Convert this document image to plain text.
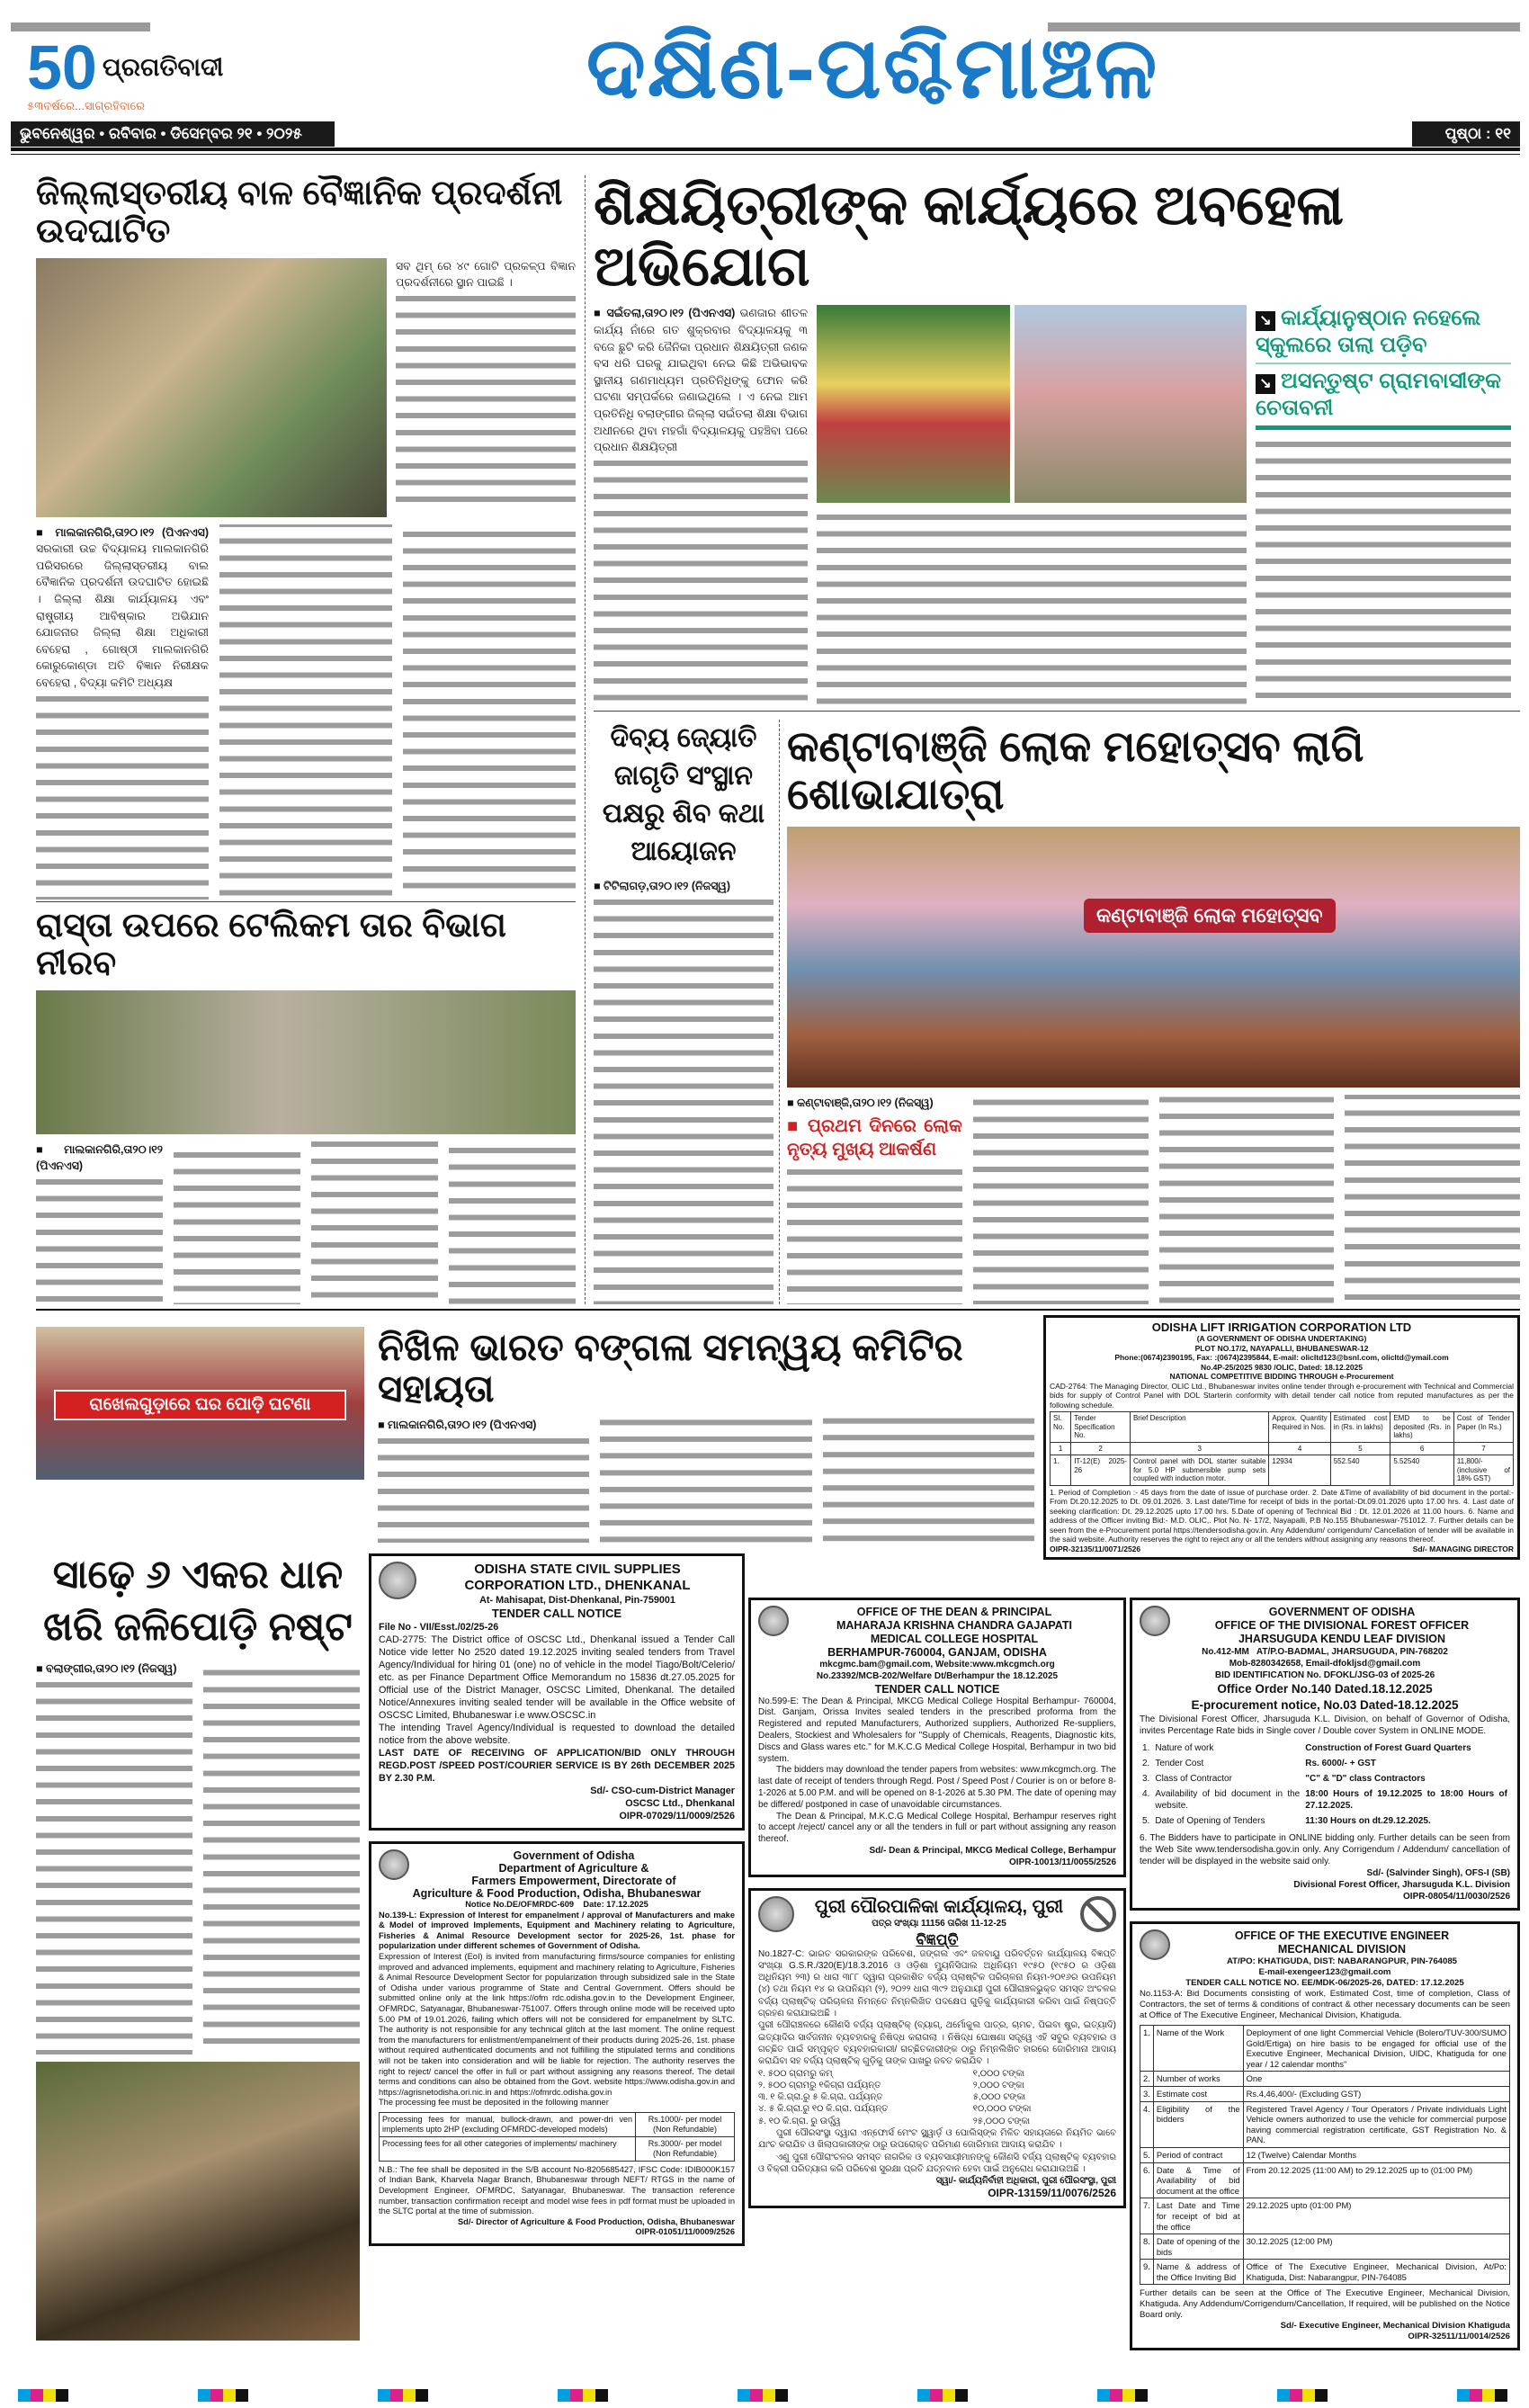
50 ପ୍ରଗତିବାଦୀ
୫୩ବର୍ଷରେ...ସାଗ୍ରହିବାରେ	ଦକ୍ଷିଣ-ପଶ୍ଚିମାଞ୍ଚଳ
ଭୁବନେଶ୍ୱର • ରବିବାର • ଡିସେମ୍ବର ୨୧ • ୨୦୨୫	ପୃଷ୍ଠା : ୧୧
ଜିଲ୍ଲାସ୍ତରୀୟ ବାଳ ବୈଜ୍ଞାନିକ ପ୍ରଦର୍ଶନୀ ଉଦଘାଟିତ
ସବ ଥିମ୍ ରେ ୪୯ ଗୋଟି ପ୍ରକଳ୍ପ ବିଜ୍ଞାନ ପ୍ରଦର୍ଶନୀରେ ସ୍ଥାନ ପାଇଛି ।
■ ମାଲକାନଗିରି,ତା୨୦।୧୨ (ପିଏନଏସ) ସରକାରୀ ଉଚ୍ଚ ବିଦ୍ୟାଳୟ ମାଲକାନଗିରି ପରିସରରେ ଜିଲ୍ଲାସ୍ତରୀୟ ବାଲ ବୈଜ୍ଞାନିକ ପ୍ରଦର୍ଶନୀ ଉଦଘାଟିତ ହୋଇଛି । ଜିଲ୍ଲା ଶିକ୍ଷା କାର୍ଯ୍ୟାଳୟ ଏବଂ ରାଷ୍ଟ୍ରୀୟ ଆବିଷ୍କାର ଅଭିଯାନ ଯୋଜନାର ଜିଲ୍ଲା ଶିକ୍ଷା ଅଧିକାରୀ ବେହେରା , ଗୋଷ୍ଠୀ ମାଲକାନଗିରି କୋରୁକୋଣ୍ଡା ଅତି ବିଜ୍ଞାନ ନିରୀକ୍ଷକ ବେହେରା , ବିଦ୍ୟା କମିଟି ଅଧ୍ୟକ୍ଷ
ରାସ୍ତା ଉପରେ ଟେଲିକମ ତାର ବିଭାଗ ନୀରବ
■ ମାଲକାନଗିରି,ତା୨୦।୧୨ (ପିଏନଏସ)
ଶିକ୍ଷୟିତ୍ରୀଙ୍କ କାର୍ଯ୍ୟରେ ଅବହେଳା ଅଭିଯୋଗ
■ ସଇଁତଲା,ତା୨୦।୧୨ (ପିଏନଏସ) ଭଣଜାର ଶୀତଳ କାର୍ଯ୍ୟ ନାଁରେ ଗତ ଶୁକ୍ରବାର ବିଦ୍ୟାଳୟକୁ ୩ ବଜେ ଛୁଟି କରି ଜୈନିକା ପ୍ରଧାନ ଶିକ୍ଷୟିତ୍ରୀ ଜଣକ ବସ ଧରି ଘରକୁ ଯାଇଥିବା ନେଇ କିଛି ଅଭିଭାବକ ସ୍ଥାନୀୟ ଗଣମାଧ୍ୟମ ପ୍ରତିନିଧିଙ୍କୁ ଫୋନ କରି ଘଟଣା ସମ୍ପର୍କରେ ଜଣାଇଥିଲେ । ଏ ନେଇ ଆମ ପ୍ରତିନିଧି ବଲାଙ୍ଗୀର ଜିଲ୍ଲା ସଇଁତଲା ଶିକ୍ଷା ବିଭାଗ ଅଧୀନରେ ଥିବା ମହଗାଁ ବିଦ୍ୟାଳୟକୁ ପହଞ୍ଚିବା ପରେ ପ୍ରଧାନ ଶିକ୍ଷୟିତ୍ରୀ
↘ କାର୍ଯ୍ୟାନୁଷ୍ଠାନ ନହେଲେ ସ୍କୁଲରେ ତାଲା ପଡ଼ିବ
↘ ଅସନ୍ତୁଷ୍ଟ ଗ୍ରାମବାସୀଙ୍କ ଚେତାବନୀ
ଦିବ୍ୟ ଜ୍ୟୋତି ଜାଗୃତି ସଂସ୍ଥାନ ପକ୍ଷରୁ ଶିବ କଥା ଆୟୋଜନ
■ ଟିଟିଲାଗଡ଼,ତା୨୦।୧୨ (ନିଜସ୍ୱ)
କଣ୍ଟାବାଞ୍ଜି ଲୋକ ମହୋତ୍ସବ ଲାଗି ଶୋଭାଯାତ୍ରା
କଣ୍ଟାବାଞ୍ଜି ଲୋକ ମହୋତ୍ସବ
■ କଣ୍ଟାବାଞ୍ଜି,ତା୨୦।୧୨ (ନିଜସ୍ୱ)
■ ପ୍ରଥମ ଦିନରେ ଲୋକ ନୃତ୍ୟ ମୁଖ୍ୟ ଆକର୍ଷଣ
ରାଖେଲଗୁଡ଼ାରେ ଘର ପୋଡ଼ି ଘଟଣା
ନିଖିଳ ଭାରତ ବଙ୍ଗଳା ସମନ୍ୱୟ କମିଟିର ସହାୟତା
■ ମାଲକାନଗିରି,ତା୨୦।୧୨ (ପିଏନଏସ)
ODISHA LIFT IRRIGATION CORPORATION LTD
(A GOVERNMENT OF ODISHA UNDERTAKING)
PLOT NO.17/2, NAYAPALLI, BHUBANESWAR-12
Phone:(0674)2390195, Fax: :(0674)2395844, E-mail: olicltd123@bsnl.com, olicltd@ymail.com
No.4P-25/2025 9830 /OLIC, Dated: 18.12.2025
NATIONAL COMPETITIVE BIDDING THROUGH e-Procurement
CAD-2764: The Managing Director, OLIC Ltd., Bhubaneswar invites online tender through e-procurement with Technical and Commercial bids for supply of Control Panel with DOL Starterin conformity with detail tender call notice from reputed manufactures as per the following schedule.
Sl. No.	Tender Specification No.	Brief Description	Approx. Quantity Required in Nos.	Estimated cost in (Rs. in lakhs)	EMD to be deposited (Rs. in lakhs)	Cost of Tender Paper (In Rs.)
1	2	3	4	5	6	7
1.	IT-12(E) 2025-26	Control panel with DOL starter suitable for 5.0 HP submersible pump sets coupled with induction motor.	12934	552.540	5.52540	11,800/- (inclusive of 18% GST)
1. Period of Completion :- 45 days from the date of issue of purchase order. 2. Date &Time of availability of bid document in the portal:-From Dt.20.12.2025 to Dt. 09.01.2026. 3. Last date/Time for receipt of bids in the portal:-Dt.09.01.2026 upto 17.00 hrs. 4. Last date of seeking clarification: Dt. 29.12.2025 upto 17.00 hrs. 5.Date of opening of Technical Bid : Dt. 12.01.2026 at 11.00 hours. 6. Name and address of the Officer inviting Bid:- M.D. OLIC,. Plot No. N- 17/2, Nayapalli, P.B No.155 Bhubaneswar-751012. 7. Further details can be seen from the e-Procurement portal https://tendersodisha.gov.in. Any Addendum/ corrigendum/ Cancellation of tender will be available in the said website. Authority reserves the right to reject any or all the tenders without assigning any reasons thereof.
OIPR-32135/11/0071/2526	Sd/- MANAGING DIRECTOR
ସାଢ଼େ ୬ ଏକର ଧାନ ଖରି ଜଳିପୋଡ଼ି ନଷ୍ଟ
■ ବଲାଙ୍ଗୀର,ତା୨୦।୧୨ (ନିଜସ୍ୱ)
ODISHA STATE CIVIL SUPPLIES
CORPORATION LTD., DHENKANAL
At- Mahisapat, Dist-Dhenkanal, Pin-759001
TENDER CALL NOTICE
File No - VII/Esst./02/25-26
CAD-2775: The District office of OSCSC Ltd., Dhenkanal issued a Tender Call Notice vide letter No 2520 dated 19.12.2025 inviting sealed tenders from Travel Agency/Individual for hiring 01 (one) no of vehicle in the model Tiago/Bolt/Celerio/ etc. as per Finance Department Office Memorandum no 15836 dt.27.05.2025 for Official use of the District Manager, OSCSC Limited, Dhenkanal. The detailed Notice/Annexures inviting sealed tender will be available in the Office website of OSCSC Limited, Bhubaneswar i.e www.OSCSC.in
The intending Travel Agency/Individual is requested to download the detailed notice from the above website.
LAST DATE OF RECEIVING OF APPLICATION/BID ONLY THROUGH REGD.POST /SPEED POST/COURIER SERVICE IS BY 26th DECEMBER 2025 BY 2.30 P.M.
Sd/- CSO-cum-District Manager
OSCSC Ltd., Dhenkanal
OIPR-07029/11/0009/2526
Government of Odisha
Department of Agriculture &
Farmers Empowerment, Directorate of
Agriculture & Food Production, Odisha, Bhubaneswar
Notice No.DE/OFMRDC-609 Date: 17.12.2025
No.139-L: Expression of Interest for empanelment / approval of Manufacturers and make & Model of improved Implements, Equipment and Machinery relating to Agriculture, Fisheries & Animal Resource Development sector for 2025-26, 1st. phase for popularization under different schemes of Government of Odisha.
Expression of Interest (EoI) is invited from manufacturing firms/source companies for enlisting improved and advanced implements, equipment and machinery relating to Agriculture, Fisheries & Animal Resource Development Sector for popularization through subsidized sale in the State of Odisha under various programme of State and Central Government. Offers should be submitted online only at the link https://ofm rdc.odisha.gov.in to the Development Engineer, OFMRDC, Satyanagar, Bhubaneswar-751007. Offers through online mode will be received upto 5.00 PM of 19.01.2026, failing which offers will not be considered for empanelment by SLTC. The authority is not responsible for any technical glitch at the last moment. The online request from the manufacturers for enlistment/empanelment of their products during 2025-26, 1st. phase without required authenticated documents and not fulfilling the stipulated terms and conditions will not be taken into consideration and will be liable for rejection. The authority reserves the right to reject/ cancel the offer in full or part without assigning any reasons thereof. The detail terms and conditions can also be obtained from the Govt. website https://www.odisha.gov.in and https://agrisnetodisha.ori.nic.in and https://ofmrdc.odisha.gov.in
The processing fee must be deposited in the following manner
Processing fees for manual, bullock-drawn, and power-dri ven implements upto 2HP (excluding OFMRDC-developed models)	Rs.1000/- per model (Non Refundable)
Processing fees for all other categories of implements/ machinery	Rs.3000/- per model (Non Refundable)
N.B.: The fee shall be deposited in the S/B account No-8205685427, IFSC Code: IDIB000K157 of Indian Bank, Kharvela Nagar Branch, Bhubaneswar through NEFT/ RTGS in the name of Development Engineer, OFMRDC, Satyanagar, Bhubaneswar. The transaction reference number, transaction confirmation receipt and model wise fees in pdf format must be uploaded in the SLTC portal at the time of submission.
Sd/- Director of Agriculture & Food Production, Odisha, Bhubaneswar
OIPR-01051/11/0009/2526
OFFICE OF THE DEAN & PRINCIPAL
MAHARAJA KRISHNA CHANDRA GAJAPATI
MEDICAL COLLEGE HOSPITAL
BERHAMPUR-760004, GANJAM, ODISHA
mkcgmc.bam@gmail.com, Website:www.mkcgmch.org
No.23392/MCB-202/Welfare Dt/Berhampur the 18.12.2025
TENDER CALL NOTICE
No.599-E: The Dean & Principal, MKCG Medical College Hospital Berhampur- 760004, Dist. Ganjam, Orissa Invites sealed tenders in the prescribed proforma from the Registered and reputed Manufacturers, Authorized suppliers, Authorized Re-suppliers, Dealers, Stockiest and Wholesalers for "Supply of Chemicals, Reagents, Diagnostic kits, Discs and Glass wares etc." for M.K.C.G Medical College Hospital, Berhampur in two bid system.
The bidders may download the tender papers from websites: www.mkcgmch.org. The last date of receipt of tenders through Regd. Post / Speed Post / Courier is on or before 8-1-2026 at 5.00 P.M. and will be opened on 8-1-2026 at 5.30 PM. The date of opening may be differed/ postponed in case of unavoidable circumstances.
The Dean & Principal, M.K.C.G Medical College Hospital, Berhampur reserves right to accept /reject/ cancel any or all the tenders in full or part without assigning any reason thereof.
Sd/- Dean & Principal, MKCG Medical College, Berhampur
OIPR-10013/11/0055/2526
ପୁରୀ ପୌରପାଳିକା କାର୍ଯ୍ୟାଳୟ, ପୁରୀ
ପତ୍ର ସଂଖ୍ୟା 11156 ତାରିଖ 11-12-25
ବିଜ୍ଞପ୍ତି
No.1827-C: ଭାରତ ସରକାରଙ୍କ ପରିବେଶ, ଜଙ୍ଗଲ ଏବଂ ଜଳବାୟୁ ପରିବର୍ତ୍ତନ କାର୍ଯ୍ୟାଳୟ ବିଜ୍ଞପ୍ତି ସଂଖ୍ୟା G.S.R./320(E)/18.3.2016 ଓ ଓଡ଼ିଶା ମ୍ୟୁନିସିପାଲ ଅଧିନିୟମ ୧୯୫୦ (୧୯୫୦ ର ଓଡ଼ିଶା ଅଧିନିୟମ ୨୩) ର ଧାରା ୩୮୮ ଦ୍ୱାରା ପ୍ରକାଶିତ ବର୍ଜ୍ୟ ପ୍ଲାଷ୍ଟିକ ପରିଚାଳନା ନିୟମ-୨୦୧୬ର ଉପନିୟମ (୪) ତଥା ନିୟମ ୧୪ ର ଉପନିୟମ (୨), ୨୦୨୨ ଧାରା ୩୯୨ ଅନୁଯାୟୀ ପୁରୀ ପୌରାଞ୍ଚଳଭୁକ୍ତ ସମସ୍ତ ଅଂଚଳର ବର୍ଜ୍ୟ ପ୍ଲାଷ୍ଟିକ୍ ପରିଚାଳନା ନିମନ୍ତେ ନିମ୍ନଲିଖିତ ପଦକ୍ଷେପ ଗୁଡ଼ିକୁ କାର୍ଯ୍ୟକାରୀ କରିବା ପାଇଁ ନିଷ୍ପତ୍ତି ଗ୍ରହଣ କରାଯାଇଅଛି ।
ପୁରୀ ପୌରାଞ୍ଚଳରେ କୌଣସି ବର୍ଜ୍ୟ ପ୍ଲାଷ୍ଟିକ୍ (ବ୍ୟାଗ୍, ଥର୍ମୋକୁଲ ପାତ୍ର, ଚାମଚ, ପିଇବା ଷ୍ଟ୍ର, ଇତ୍ୟାଦି) ଇତ୍ୟାଦିର ସାର୍ବଜନୀନ ବ୍ୟବହାରକୁ ନିଷିଦ୍ଧ କରାଗଲା । ନିଷିଦ୍ଧ ଘୋଷଣା ସତ୍ତ୍ୱେ ଏହି ସବୁର ବ୍ୟବହାର ଓ ଗଚ୍ଛିତ ପାଇଁ ସମ୍ପୃକ୍ତ ବ୍ୟବହାରକାରୀ/ ଗଚ୍ଛିତକାରୀଙ୍କ ଠାରୁ ନିମ୍ନଲିଖିତ ହାରରେ ଜୋରିମାନା ଆଦାୟ କରାଯିବା ସହ ବର୍ଜ୍ୟ ପ୍ଲାଷ୍ଟିକ୍ ଗୁଡ଼ିକୁ ତାଙ୍କ ପାଖରୁ ଜବତ କରାଯିବ ।
୧. ୫୦୦ ଗ୍ରାମରୁ କମ୍	୧,୦୦୦ ଟଙ୍କା
୨. ୫୦୦ ଗ୍ରାମରୁ ୧କିଗ୍ରା ପର୍ଯ୍ୟନ୍ତ	୨,୦୦୦ ଟଙ୍କା
୩. ୧ କି.ଗ୍ରା.ରୁ ୫ କି.ଗ୍ରା. ପର୍ଯ୍ୟନ୍ତ	୫,୦୦୦ ଟଙ୍କା
୪. ୫ କି.ଗ୍ରା.ରୁ ୧୦ କି.ଗ୍ରା. ପର୍ଯ୍ୟନ୍ତ	୧୦,୦୦୦ ଟଙ୍କା
୫. ୧୦ କି.ଗ୍ରା. ରୁ ଉର୍ଦ୍ଧ୍ୱ	୨୫,୦୦୦ ଟଙ୍କା
ପୁରୀ ପୌରସଂସ୍ଥା ଦ୍ୱାରା ଏନ୍‌ଫୋର୍ସ ମେଂଟ ସ୍କ୍ୱାର୍ଡ଼ ଓ ପୋଲିସ୍‌ଙ୍କ ମିଳିତ ସହାୟତାରେ ନିୟମିତ ଭାବେ ଯାଂଚ କରାଯିବ ଓ ଖିଲାପକାରୀଙ୍କ ଠାରୁ ଉପରୋକ୍ତ ପରିମାଣ ଜୋରିମାନା ଆଦାୟ କରାଯିବ ।
ଏଣୁ ପୁରୀ ପୌରାଂଚଳର ସମସ୍ତ ନାଗରିକ ଓ ବ୍ୟବସାୟୀମାନଙ୍କୁ କୌଣସି ବର୍ଜ୍ୟ ପ୍ଲାଷ୍ଟିକ୍ ବ୍ୟବହାର ଓ ବିକ୍ରୀ ପରିତ୍ୟାଗ କରି ପରିବେଶ ସୁରକ୍ଷା ପ୍ରତି ଯତ୍ନବାନ ହେବା ପାଇଁ ଅନୁରୋଧ କରାଯାଉଅଛି ।
ସ୍ୱା/- କାର୍ଯ୍ୟନିର୍ବାହୀ ଅଧିକାରୀ, ପୁରୀ ପୌରସଂସ୍ଥା, ପୁରୀ
OIPR-13159/11/0076/2526
GOVERNMENT OF ODISHA
OFFICE OF THE DIVISIONAL FOREST OFFICER
JHARSUGUDA KENDU LEAF DIVISION
No.412-MM AT/P.O-BADMAL, JHARSUGUDA, PIN-768202
Mob-8280342658, Email-dfokljsd@gmail.com
BID IDENTIFICATION No. DFOKL/JSG-03 of 2025-26
Office Order No.140 Dated.18.12.2025
E-procurement notice, No.03 Dated-18.12.2025
The Divisional Forest Officer, Jharsuguda K.L. Division, on behalf of Governor of Odisha, invites Percentage Rate bids in Single cover / Double cover System in ONLINE MODE.
1.	Nature of work	Construction of Forest Guard Quarters
2.	Tender Cost	Rs. 6000/- + GST
3.	Class of Contractor	"C" & "D" class Contractors
4.	Availability of bid document in the website.	18:00 Hours of 19.12.2025 to 18:00 Hours of 27.12.2025.
5.	Date of Opening of Tenders	11:30 Hours on dt.29.12.2025.
6. The Bidders have to participate in ONLINE bidding only. Further details can be seen from the Web Site www.tendersodisha.gov.in only. Any Corrigendum / Addendum/ cancellation of tender will be displayed in the website said only.
Sd/- (Salvinder Singh), OFS-I (SB)
Divisional Forest Officer, Jharsuguda K.L. Division
OIPR-08054/11/0030/2526
OFFICE OF THE EXECUTIVE ENGINEER
MECHANICAL DIVISION
AT/PO: KHATIGUDA, DIST: NABARANGPUR, PIN-764085
E-mail-exengeer123@gmail.com
TENDER CALL NOTICE NO. EE/MDK-06/2025-26, DATED: 17.12.2025
No.1153-A: Bid Documents consisting of work, Estimated Cost, time of completion, Class of Contractors, the set of terms & conditions of contract & other necessary documents can be seen at Office of The Executive Engineer, Mechanical Division, Khatiguda.
1.	Name of the Work	Deployment of one light Commercial Vehicle (Bolero/TUV-300/SUMO Gold/Ertiga) on hire basis to be engaged for official use of the Executive Engineer, Mechanical Division, UIDC, Khatiguda for one year / 12 calendar months"
2.	Number of works	One
3.	Estimate cost	Rs.4,46,400/- (Excluding GST)
4.	Eligibility of the bidders	Registered Travel Agency / Tour Operators / Private individuals Light Vehicle owners authorized to use the vehicle for commercial purpose having commercial registration certificate, GST Registration No. & PAN.
5.	Period of contract	12 (Twelve) Calendar Months
6.	Date & Time of Availability of bid document at the office	From 20.12.2025 (11:00 AM) to 29.12.2025 up to (01:00 PM)
7.	Last Date and Time for receipt of bid at the office	29.12.2025 upto (01:00 PM)
8.	Date of opening of the bids	30.12.2025 (12:00 PM)
9.	Name & address of the Office Inviting Bid	Office of The Executive Engineer, Mechanical Division, At/Po: Khatiguda, Dist: Nabarangpur, PIN-764085
Further details can be seen at the Office of The Executive Engineer, Mechanical Division, Khatiguda. Any Addendum/Corrigendum/Cancellation, If required, will be published on the Notice Board only.
Sd/- Executive Engineer, Mechanical Division Khatiguda
OIPR-32511/11/0014/2526
